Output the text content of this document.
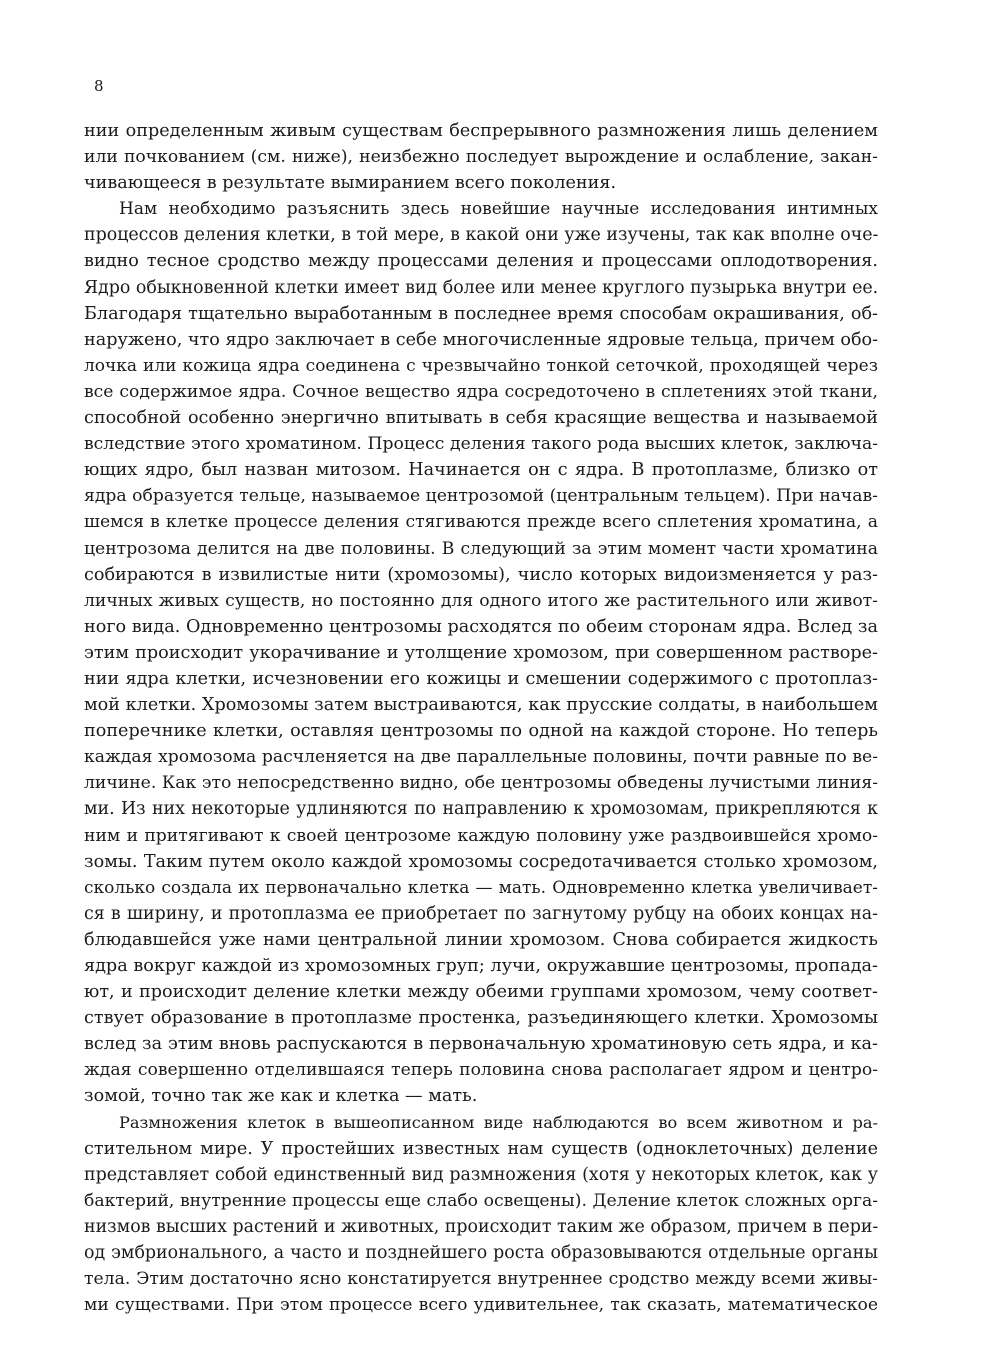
8
нии определенным живым существам беспрерывного размножения лишь делением
или почкованием (см. ниже), неизбежно последует вырождение и ослабление, закан-
чивающееся в результате вымиранием всего поколения.
Нам необходимо разъяснить здесь новейшие научные исследования интимных
процессов деления клетки, в той мере, в какой они уже изучены, так как вполне оче-
видно тесное сродство между процессами деления и процессами оплодотворения.
Ядро обыкновенной клетки имеет вид более или менее круглого пузырька внутри ее.
Благодаря тщательно выработанным в последнее время способам окрашивания, об-
наружено, что ядро заключает в себе многочисленные ядровые тельца, причем обо-
лочка или кожица ядра соединена с чрезвычайно тонкой сеточкой, проходящей через
все содержимое ядра. Сочное вещество ядра сосредоточено в сплетениях этой ткани,
способной особенно энергично впитывать в себя красящие вещества и называемой
вследствие этого хроматином. Процесс деления такого рода высших клеток, заключа-
ющих ядро, был назван митозом. Начинается он с ядра. В протоплазме, близко от
ядра образуется тельце, называемое центрозомой (центральным тельцем). При начав-
шемся в клетке процессе деления стягиваются прежде всего сплетения хроматина, а
центрозома делится на две половины. В следующий за этим момент части хроматина
собираются в извилистые нити (хромозомы), число которых видоизменяется у раз-
личных живых существ, но постоянно для одного итого же растительного или живот-
ного вида. Одновременно центрозомы расходятся по обеим сторонам ядра. Вслед за
этим происходит укорачивание и утолщение хромозом, при совершенном растворе-
нии ядра клетки, исчезновении его кожицы и смешении содержимого с протоплаз-
мой клетки. Хромозомы затем выстраиваются, как прусские солдаты, в наибольшем
поперечнике клетки, оставляя центрозомы по одной на каждой стороне. Но теперь
каждая хромозома расчленяется на две параллельные половины, почти равные по ве-
личине. Как это непосредственно видно, обе центрозомы обведены лучистыми линия-
ми. Из них некоторые удлиняются по направлению к хромозомам, прикрепляются к
ним и притягивают к своей центрозоме каждую половину уже раздвоившейся хромо-
зомы. Таким путем около каждой хромозомы сосредотачивается столько хромозом,
сколько создала их первоначально клетка — мать. Одновременно клетка увеличивает-
ся в ширину, и протоплазма ее приобретает по загнутому рубцу на обоих концах на-
блюдавшейся уже нами центральной линии хромозом. Снова собирается жидкость
ядра вокруг каждой из хромозомных груп; лучи, окружавшие центрозомы, пропада-
ют, и происходит деление клетки между обеими группами хромозом, чему соответ-
ствует образование в протоплазме простенка, разъединяющего клетки. Хромозомы
вслед за этим вновь распускаются в первоначальную хроматиновую сеть ядра, и ка-
ждая совершенно отделившаяся теперь половина снова располагает ядром и центро-
зомой, точно так же как и клетка — мать.
Размножения клеток в вышеописанном виде наблюдаются во всем животном и ра-
стительном мире. У простейших известных нам существ (одноклеточных) деление
представляет собой единственный вид размножения (хотя у некоторых клеток, как у
бактерий, внутренние процессы еще слабо освещены). Деление клеток сложных орга-
низмов высших растений и животных, происходит таким же образом, причем в пери-
од эмбрионального, а часто и позднейшего роста образовываются отдельные органы
тела. Этим достаточно ясно констатируется внутреннее сродство между всеми живы-
ми существами. При этом процессе всего удивительнее, так сказать, математическое
